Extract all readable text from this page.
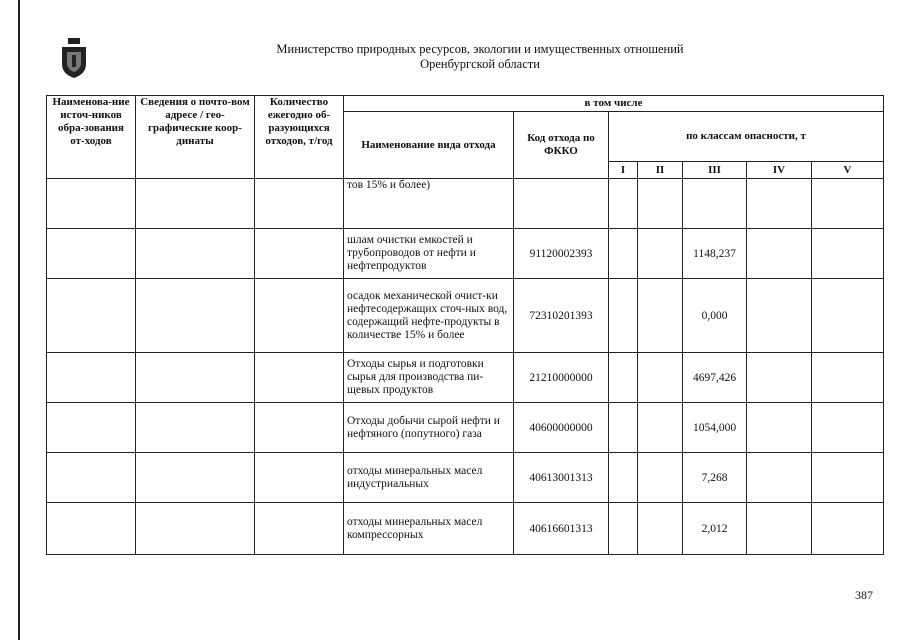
Министерство природных ресурсов, экологии и имущественных отношений
Оренбургской области
Наименова-ние источ-ников обра-зования от-ходов	Сведения о почто-вом адресе / гео-графические коор-динаты	Количество ежегодно об-разующихся отходов, т/год	в том числе						
			Наименование вида отхода	Код отхода по ФККО	по классам опасности, т				
					I	II	III	IV	V
			тов 15% и более)						
			шлам очистки емкостей и трубопроводов от нефти и нефтепродуктов	91120002393			1148,237		
			осадок механической очист-ки нефтесодержащих сточ-ных вод, содержащий нефте-продукты в количестве 15% и более	72310201393			0,000		
			Отходы сырья и подготовки сырья для производства пи-щевых продуктов	21210000000			4697,426		
			Отходы добычи сырой нефти и нефтяного (попутного) газа	40600000000			1054,000		
			отходы минеральных масел индустриальных	40613001313			7,268		
			отходы минеральных масел компрессорных	40616601313			2,012		
387
